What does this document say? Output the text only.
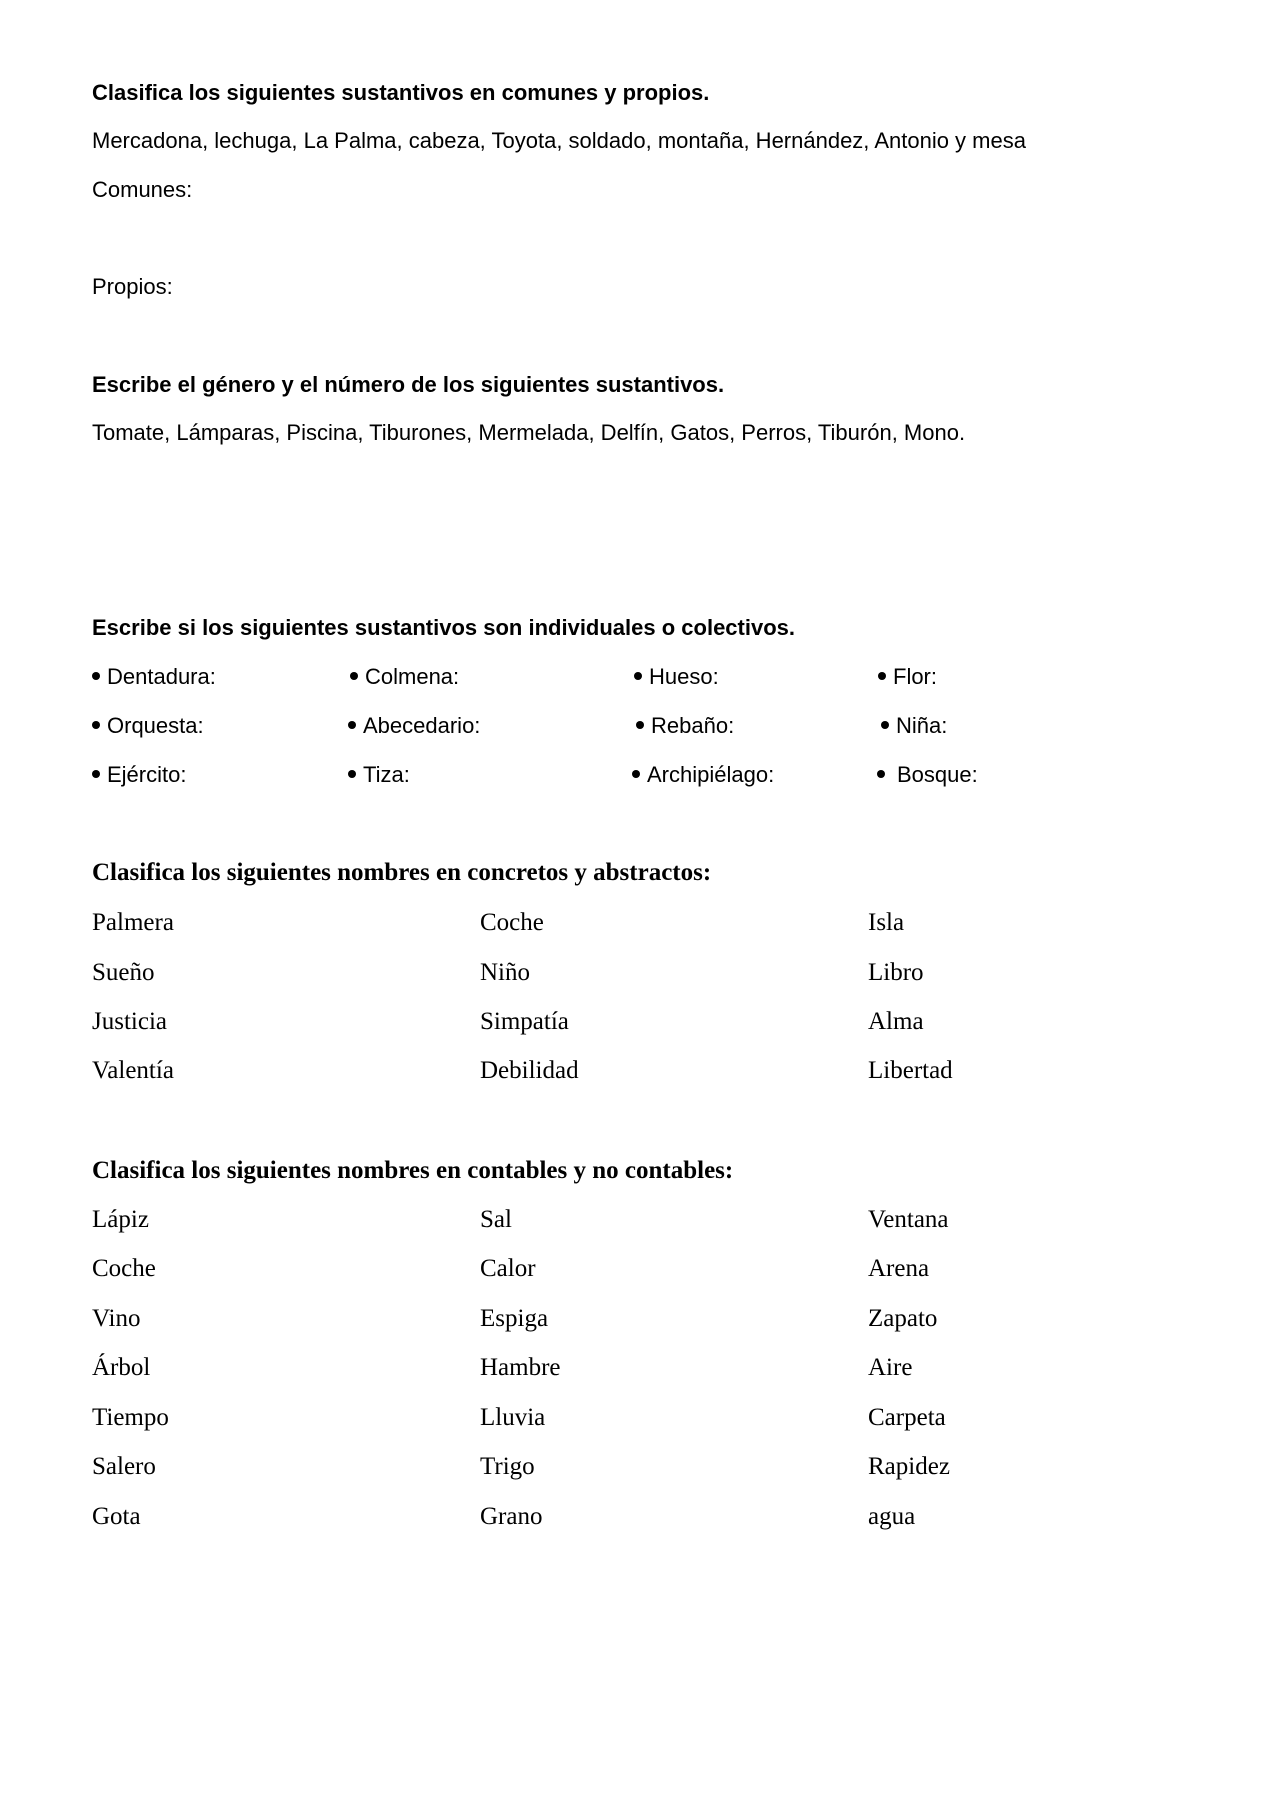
Clasifica los siguientes sustantivos en comunes y propios.
Mercadona, lechuga, La Palma, cabeza, Toyota, soldado, montaña, Hernández, Antonio y mesa
Comunes:
Propios:
Escribe el género y el número de los siguientes sustantivos.
Tomate, Lámparas, Piscina, Tiburones, Mermelada, Delfín, Gatos, Perros, Tiburón, Mono.
Escribe si los siguientes sustantivos son individuales o colectivos.
Dentadura:	Colmena:	Hueso:	Flor:
Orquesta:	Abecedario:	Rebaño:	Niña:
Ejército:	Tiza:	Archipiélago:	Bosque:
Clasifica los siguientes nombres en concretos y abstractos:
Palmera	Coche	Isla
Sueño	Niño	Libro
Justicia	Simpatía	Alma
Valentía	Debilidad	Libertad
Clasifica los siguientes nombres en contables y no contables:
Lápiz	Sal	Ventana
Coche	Calor	Arena
Vino	Espiga	Zapato
Árbol	Hambre	Aire
Tiempo	Lluvia	Carpeta
Salero	Trigo	Rapidez
Gota	Grano	agua
